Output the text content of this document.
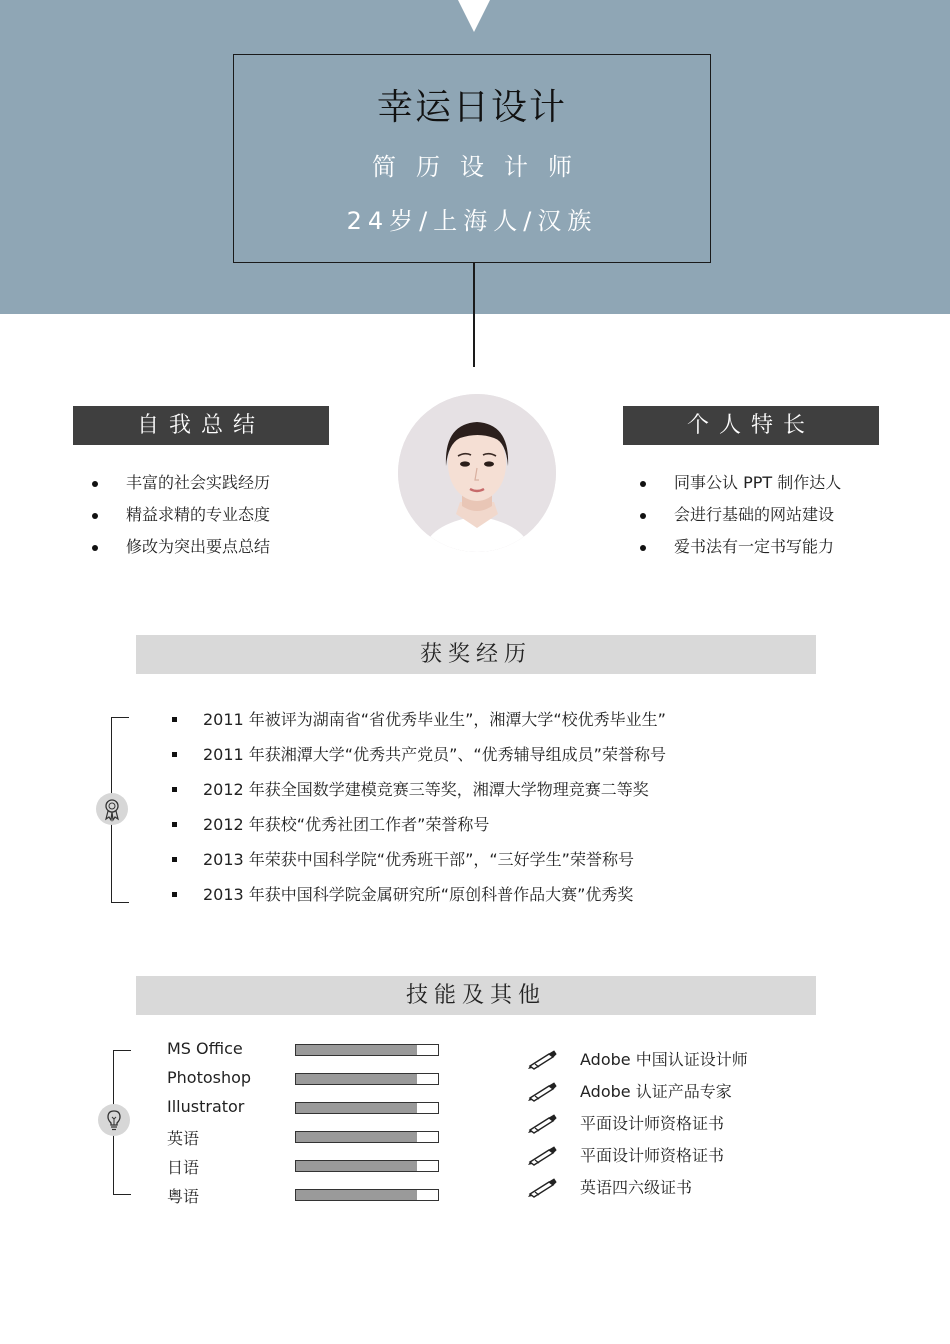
幸运日设计
简历设计师
24岁/上海人/汉族
自我总结
丰富的社会实践经历
精益求精的专业态度
修改为突出要点总结
个人特长
同事公认 PPT 制作达人
会进行基础的网站建设
爱书法有一定书写能力
获奖经历
2011 年被评为湖南省“省优秀毕业生”，湘潭大学“校优秀毕业生”
2011 年获湘潭大学“优秀共产党员”、“优秀辅导组成员”荣誉称号
2012 年获全国数学建模竞赛三等奖，湘潭大学物理竞赛二等奖
2012 年获校“优秀社团工作者”荣誉称号
2013 年荣获中国科学院“优秀班干部”，“三好学生”荣誉称号
2013 年获中国科学院金属研究所“原创科普作品大赛”优秀奖
技能及其他
MS Office
Photoshop
Illustrator
英语
日语
粤语
Adobe 中国认证设计师
Adobe 认证产品专家
平面设计师资格证书
平面设计师资格证书
英语四六级证书
